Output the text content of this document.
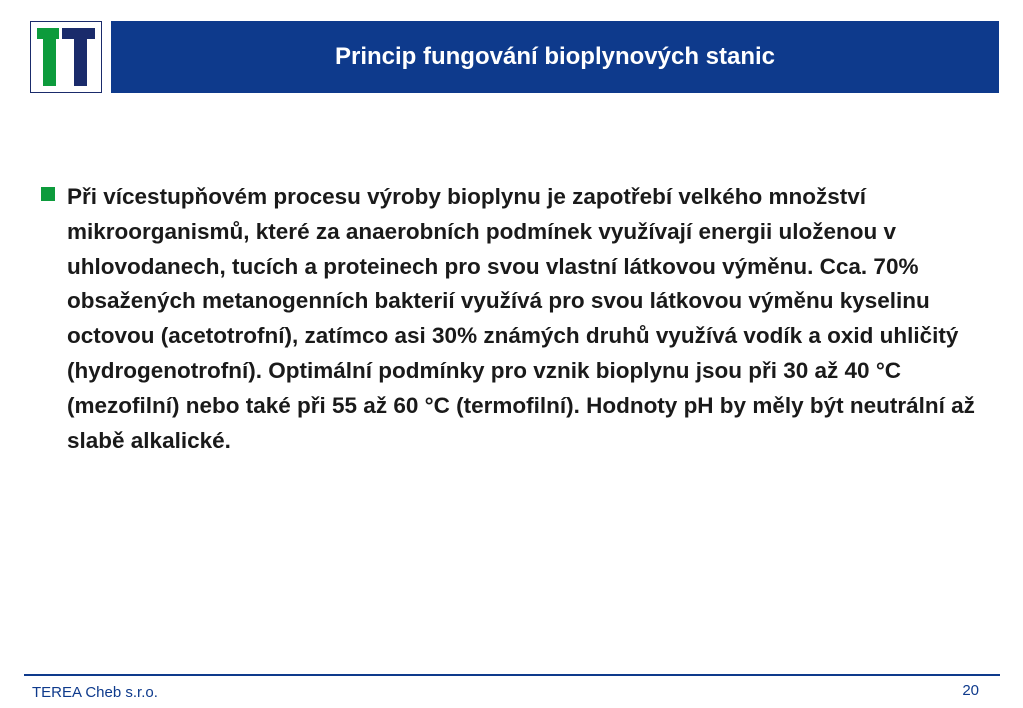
Princip fungování bioplynových stanic
Při vícestupňovém procesu výroby bioplynu je zapotřebí velkého množství mikroorganismů, které za anaerobních podmínek využívají energii uloženou v uhlovodanech, tucích a proteinech pro svou vlastní látkovou výměnu. Cca. 70% obsažených metanogenních bakterií využívá pro svou látkovou výměnu kyselinu octovou (acetotrofní), zatímco asi 30% známých druhů využívá vodík a oxid uhličitý (hydrogenotrofní). Optimální podmínky pro vznik bioplynu jsou při 30 až 40 °C (mezofilní) nebo také při 55 až 60 °C (termofilní). Hodnoty pH by měly být neutrální až slabě alkalické.
TEREA Cheb s.r.o.	20
